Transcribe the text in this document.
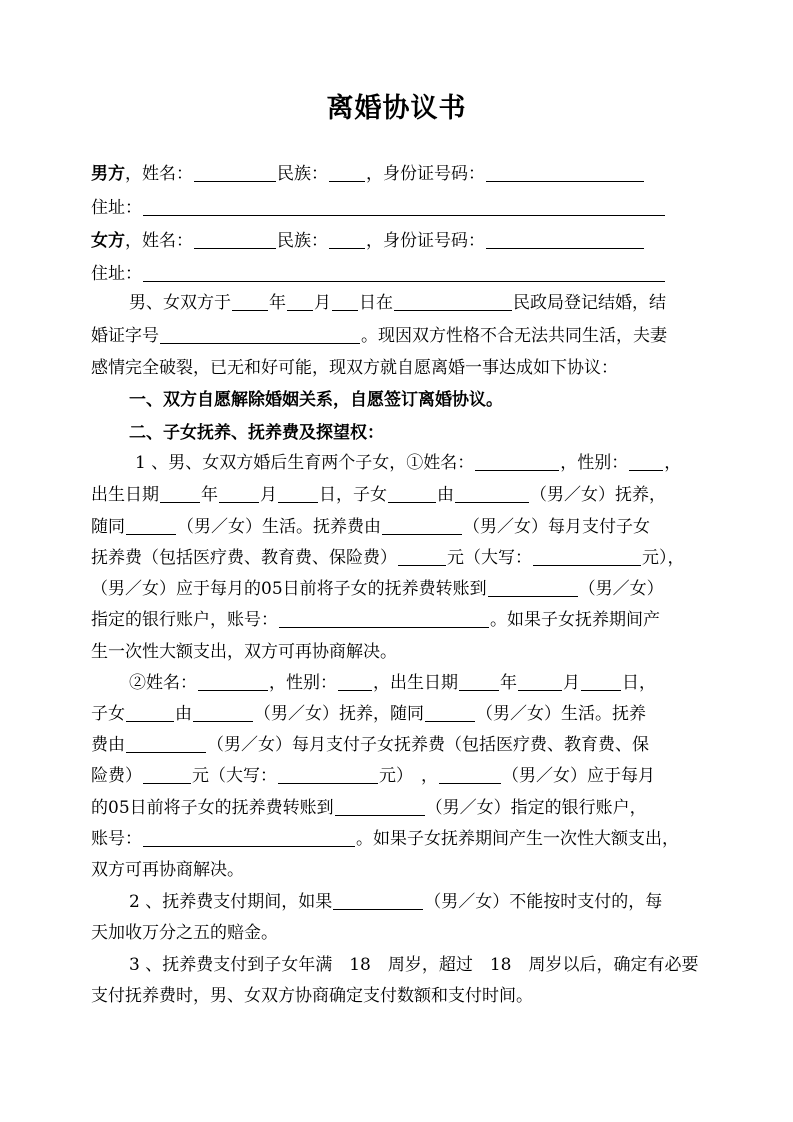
离婚协议书
男方，姓名：	民族： ，身份证号码：
住址：
女方，姓名：	民族： ，身份证号码：
住址：
男、女双方于 年 月 日在	民政局登记结婚，结
婚证字号	。现因双方性格不合无法共同生活，夫妻
感情完全破裂，已无和好可能，现双方就自愿离婚一事达成如下协议：
一、双方自愿解除婚姻关系，自愿签订离婚协议。
二、子女抚养、抚养费及探望权：
1 、男、女双方婚后生育两个子女，①姓名：	，性别： ，
出生日期 年 月 日，子女	由	（男／女）抚养，
随同	（男／女）生活。抚养费由	（男／女）每月支付子女
抚养费（包括医疗费、教育费、保险费）	元（大写：	元），
（男／女）应于每月的05日前将子女的抚养费转账到	（男／女）
指定的银行账户，账号：	。如果子女抚养期间产
生一次性大额支出，双方可再协商解决。
②姓名：	，性别： ，出生日期 年	月 日，
子女	由	（男／女）抚养，随同	（男／女）生活。抚养
费由	（男／女）每月支付子女抚养费（包括医疗费、教育费、保
险费）	元（大写：	元） ，	（男／女）应于每月
的05日前将子女的抚养费转账到	（男／女）指定的银行账户，
账号：	。如果子女抚养期间产生一次性大额支出，
双方可再协商解决。
2 、抚养费支付期间，如果	（男／女）不能按时支付的，每
天加收万分之五的赔金。
3 、抚养费支付到子女年满　18　周岁，超过　18　周岁以后，确定有必要
支付抚养费时，男、女双方协商确定支付数额和支付时间。
